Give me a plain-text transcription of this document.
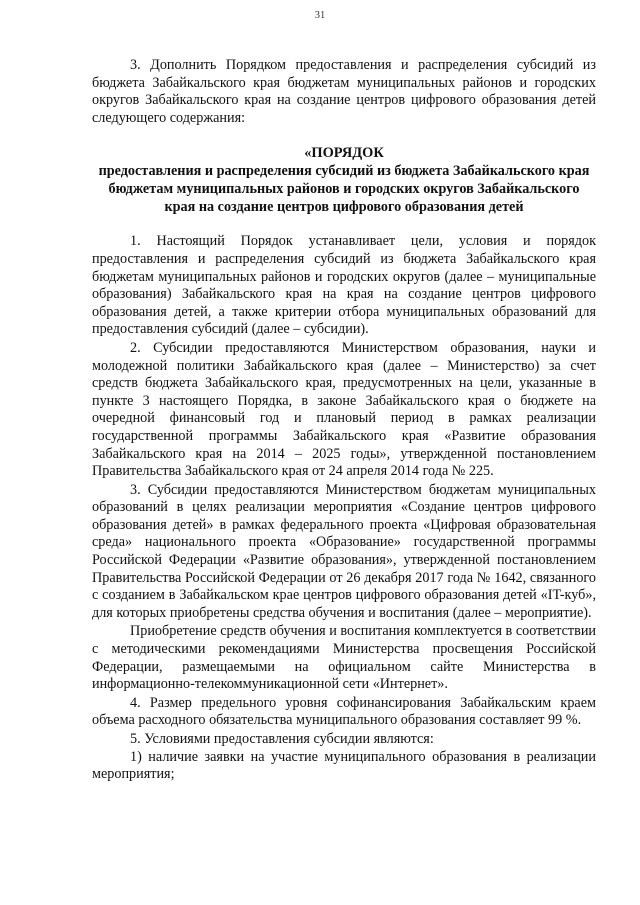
31

3. Дополнить Порядком предоставления и распределения субсидий из бюджета Забайкальского края бюджетам муниципальных районов и городских округов Забайкальского края на создание центров цифрового образования детей следующего содержания:

«ПОРЯДОК
предоставления и распределения субсидий из бюджета Забайкальского края бюджетам муниципальных районов и городских округов Забайкальского края на создание центров цифрового образования детей

1. Настоящий Порядок устанавливает цели, условия и порядок предоставления и распределения субсидий из бюджета Забайкальского края бюджетам муниципальных районов и городских округов (далее – муниципальные образования) Забайкальского края на края на создание центров цифрового образования детей, а также критерии отбора муниципальных образований для предоставления субсидий (далее – субсидии).

2. Субсидии предоставляются Министерством образования, науки и молодежной политики Забайкальского края (далее – Министерство) за счет средств бюджета Забайкальского края, предусмотренных на цели, указанные в пункте 3 настоящего Порядка, в законе Забайкальского края о бюджете на очередной финансовый год и плановый период в рамках реализации государственной программы Забайкальского края «Развитие образования Забайкальского края на 2014 – 2025 годы», утвержденной постановлением Правительства Забайкальского края от 24 апреля 2014 года № 225.

3. Субсидии предоставляются Министерством бюджетам муниципальных образований в целях реализации мероприятия «Создание центров цифрового образования детей» в рамках федерального проекта «Цифровая образовательная среда» национального проекта «Образование» государственной программы Российской Федерации «Развитие образования», утвержденной постановлением Правительства Российской Федерации от 26 декабря 2017 года № 1642, связанного с созданием в Забайкальском крае центров цифрового образования детей «IT-куб», для которых приобретены средства обучения и воспитания (далее – мероприятие).

Приобретение средств обучения и воспитания комплектуется в соответствии с методическими рекомендациями Министерства просвещения Российской Федерации, размещаемыми на официальном сайте Министерства в информационно-телекоммуникационной сети «Интернет».

4. Размер предельного уровня софинансирования Забайкальским краем объема расходного обязательства муниципального образования составляет 99 %.

5. Условиями предоставления субсидии являются:

1) наличие заявки на участие муниципального образования в реализации мероприятия;
